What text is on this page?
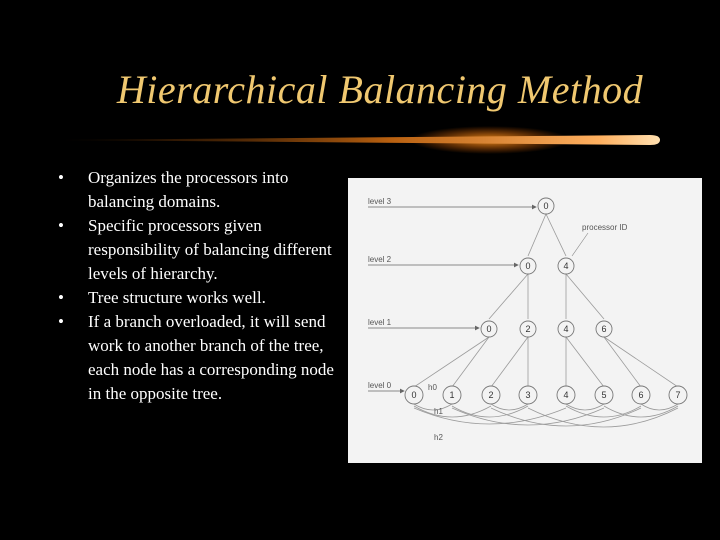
Hierarchical Balancing Method
• Organizes the processors into balancing domains.
• Specific processors given responsibility of balancing different levels of hierarchy.
• Tree structure works well.
• If a branch overloaded, it will send work to another branch of the tree, each node has a corresponding node in the opposite tree.
level 3
level 2
level 1
level 0
processor ID
0
0	4
0	2	4	6
0	1	2	3	4	5	6	7
h0
h1
h2
